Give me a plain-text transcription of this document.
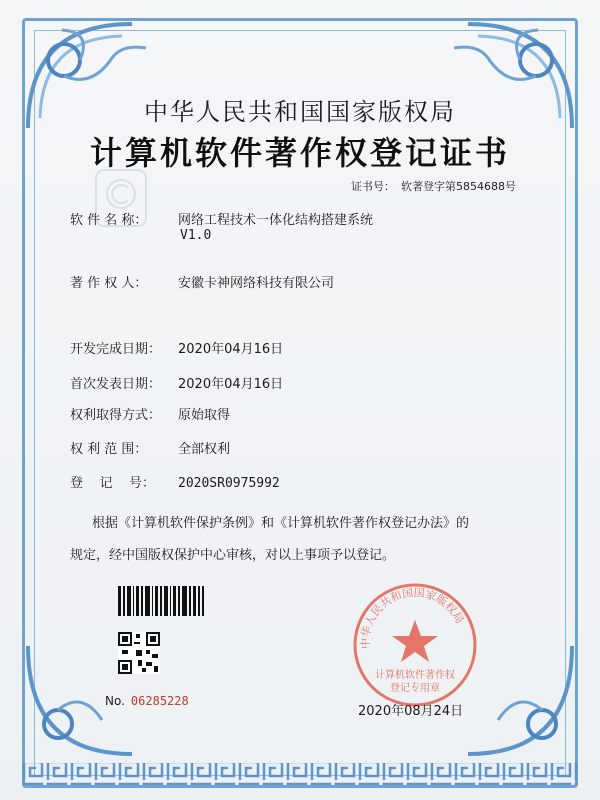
中华人民共和国国家版权局
计算机软件著作权登记证书
证书号： 软著登字第5854688号
软 件 名 称： 网络工程技术一体化结构搭建系统
V1.0
著 作 权 人： 安徽卡神网络科技有限公司
开发完成日期： 2020年04月16日
首次发表日期： 2020年04月16日
权利取得方式： 原始取得
权 利 范 围： 全部权利
登    记    号： 2020SR0975992
根据《计算机软件保护条例》和《计算机软件著作权登记办法》的
规定，经中国版权保护中心审核，对以上事项予以登记。
No. 06285228
中华人民共和国国家版权局
计算机软件著作权
登记专用章
2020年08月24日
